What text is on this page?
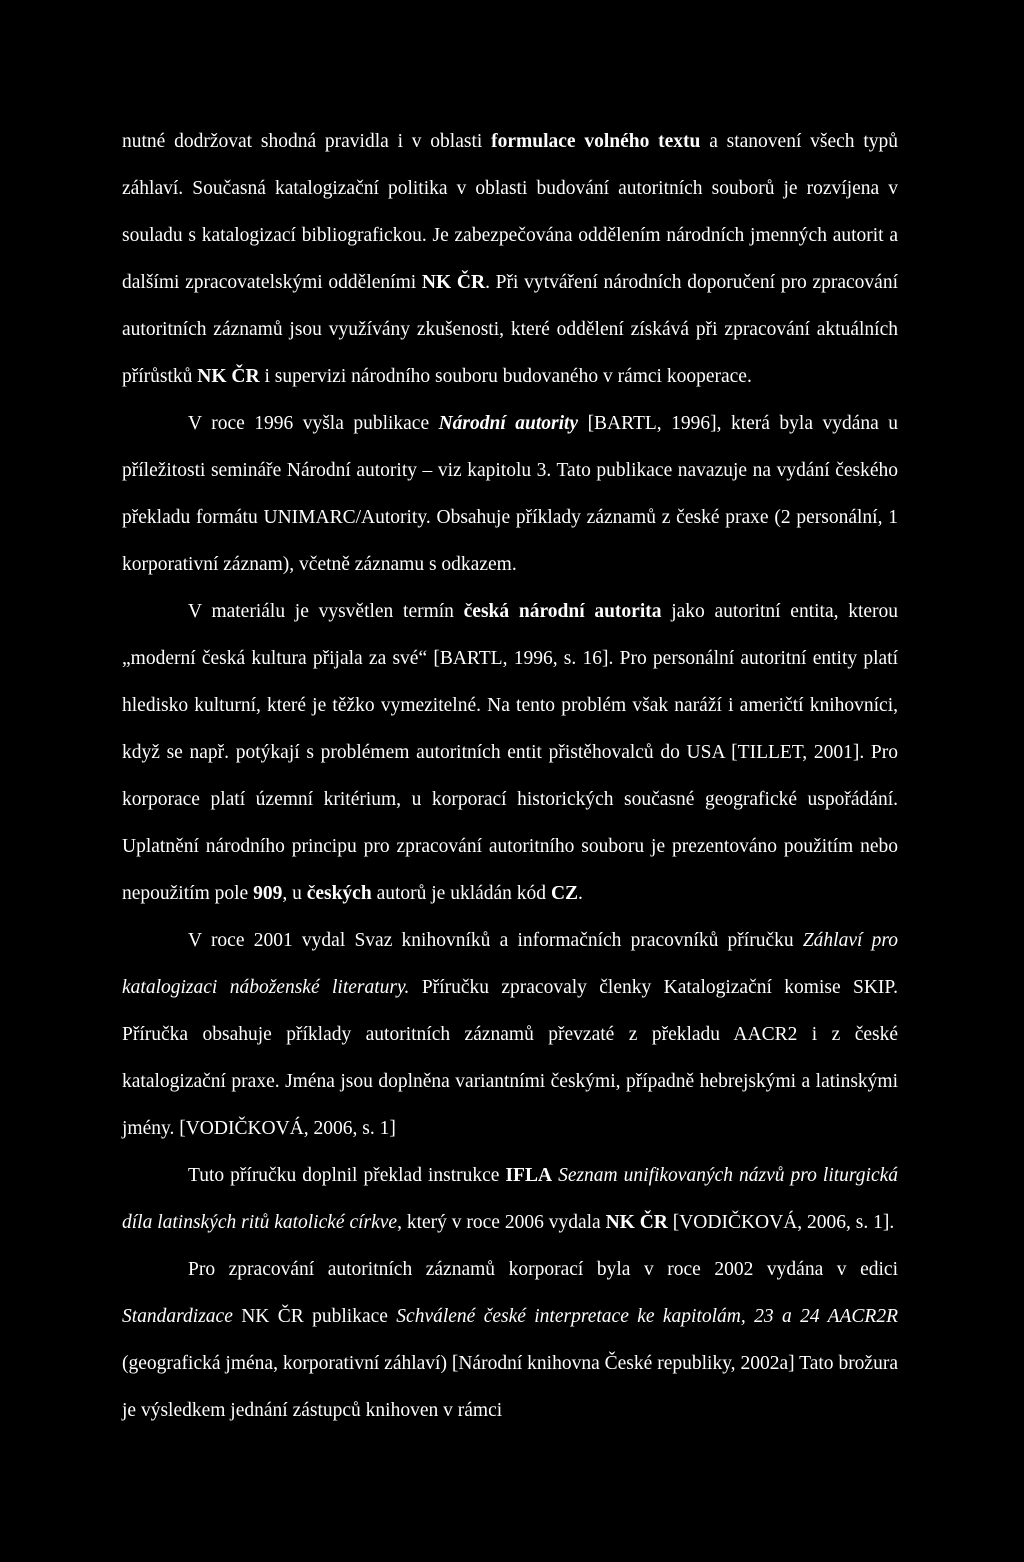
nutné dodržovat shodná pravidla i v oblasti formulace volného textu a stanovení všech typů záhlaví. Současná katalogizační politika v oblasti budování autoritních souborů je rozvíjena v souladu s katalogizací bibliografickou. Je zabezpečována oddělením národních jmenných autorit a dalšími zpracovatelskými odděleními NK ČR. Při vytváření národních doporučení pro zpracování autoritních záznamů jsou využívány zkušenosti, které oddělení získává při zpracování aktuálních přírůstků NK ČR i supervizi národního souboru budovaného v rámci kooperace.

V roce 1996 vyšla publikace Národní autority [BARTL, 1996], která byla vydána u příležitosti semináře Národní autority – viz kapitolu 3. Tato publikace navazuje na vydání českého překladu formátu UNIMARC/Autority. Obsahuje příklady záznamů z české praxe (2 personální, 1 korporativní záznam), včetně záznamu s odkazem.

V materiálu je vysvětlen termín česká národní autorita jako autoritní entita, kterou „moderní česká kultura přijala za své“ [BARTL, 1996, s. 16]. Pro personální autoritní entity platí hledisko kulturní, které je těžko vymezitelné. Na tento problém však naráží i američtí knihovníci, když se např. potýkají s problémem autoritních entit přistěhovalců do USA [TILLET, 2001]. Pro korporace platí územní kritérium, u korporací historických současné geografické uspořádání. Uplatnění národního principu pro zpracování autoritního souboru je prezentováno použitím nebo nepoužitím pole 909, u českých autorů je ukládán kód CZ.

V roce 2001 vydal Svaz knihovníků a informačních pracovníků příručku Záhlaví pro katalogizaci náboženské literatury. Příručku zpracovaly členky Katalogizační komise SKIP. Příručka obsahuje příklady autoritních záznamů převzaté z překladu AACR2 i z české katalogizační praxe. Jména jsou doplněna variantními českými, případně hebrejskými a latinskými jmény. [VODIČKOVÁ, 2006, s. 1]

Tuto příručku doplnil překlad instrukce IFLA Seznam unifikovaných názvů pro liturgická díla latinských ritů katolické církve, který v roce 2006 vydala NK ČR [VODIČKOVÁ, 2006, s. 1].

Pro zpracování autoritních záznamů korporací byla v roce 2002 vydána v edici Standardizace NK ČR publikace Schválené české interpretace ke kapitolám, 23 a 24 AACR2R (geografická jména, korporativní záhlaví) [Národní knihovna České republiky, 2002a] Tato brožura je výsledkem jednání zástupců knihoven v rámci
